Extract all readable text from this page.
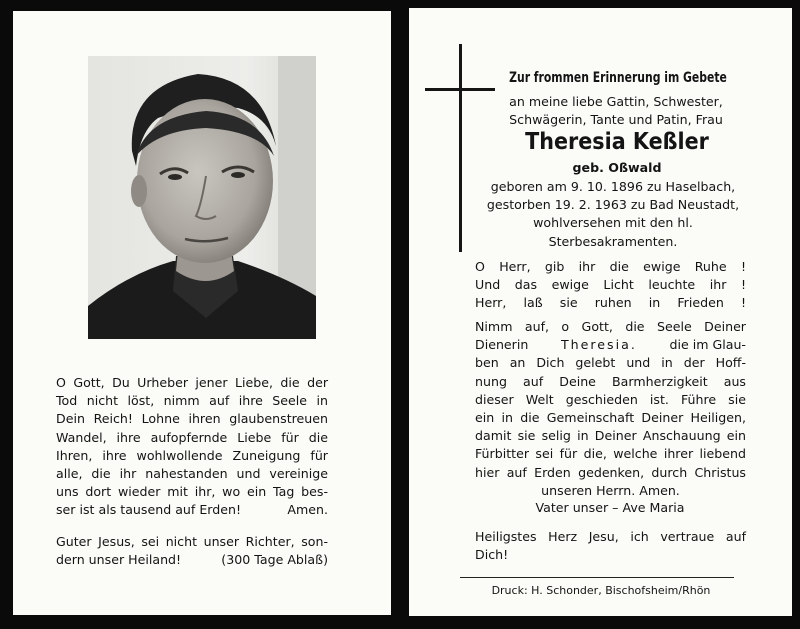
O Gott, Du Urheber jener Liebe, die der
Tod nicht löst, nimm auf ihre Seele in
Dein Reich! Lohne ihren glaubenstreuen
Wandel, ihre aufopfernde Liebe für die
Ihren, ihre wohlwollende Zuneigung für
alle, die ihr nahestanden und vereinige
uns dort wieder mit ihr, wo ein Tag bes-
ser ist als tausend auf Erden!	Amen.
Guter Jesus, sei nicht unser Richter, son-
dern unser Heiland!	(300 Tage Ablaß)
Zur frommen Erinnerung im Gebete
an meine liebe Gattin, Schwester,
Schwägerin, Tante und Patin, Frau
Theresia Keßler
geb. Oßwald
geboren am 9. 10. 1896 zu Haselbach,
gestorben 19. 2. 1963 zu Bad Neustadt,
wohlversehen mit den hl.
Sterbesakramenten.
O Herr, gib ihr die ewige Ruhe !
Und das ewige Licht leuchte ihr !
Herr, laß sie ruhen in Frieden !
Nimm auf, o Gott, die Seele Deiner
Dienerin	Theresia.	die im Glau-
ben an Dich gelebt und in der Hoff-
nung auf Deine Barmherzigkeit aus
dieser Welt geschieden ist. Führe sie
ein in die Gemeinschaft Deiner Heiligen,
damit sie selig in Deiner Anschauung ein
Fürbitter sei für die, welche ihrer liebend
hier auf Erden gedenken, durch Christus
unseren Herrn. Amen.
Vater unser – Ave Maria
Heiligstes Herz Jesu, ich vertraue auf
Dich!
Druck: H. Schonder, Bischofsheim/Rhön
